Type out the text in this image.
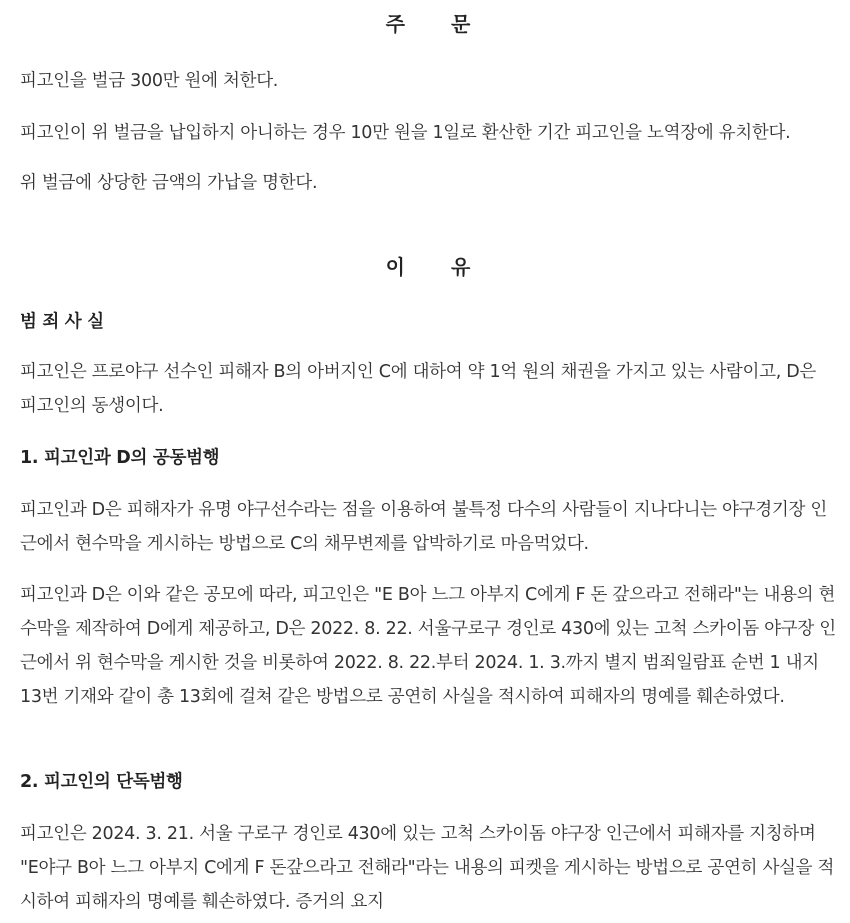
주문

피고인을 벌금 300만 원에 처한다.

피고인이 위 벌금을 납입하지 아니하는 경우 10만 원을 1일로 환산한 기간 피고인을 노역장에 유치한다.

위 벌금에 상당한 금액의 가납을 명한다.

이유
범 죄 사 실

피고인은 프로야구 선수인 피해자 B의 아버지인 C에 대하여 약 1억 원의 채권을 가지고 있는 사람이고, D은 피고인의 동생이다.

1. 피고인과 D의 공동범행

피고인과 D은 피해자가 유명 야구선수라는 점을 이용하여 불특정 다수의 사람들이 지나다니는 야구경기장 인근에서 현수막을 게시하는 방법으로 C의 채무변제를 압박하기로 마음먹었다.

피고인과 D은 이와 같은 공모에 따라, 피고인은 "E B아 느그 아부지 C에게 F 돈 갚으라고 전해라"는 내용의 현수막을 제작하여 D에게 제공하고, D은 2022. 8. 22. 서울구로구 경인로 430에 있는 고척 스카이돔 야구장 인근에서 위 현수막을 게시한 것을 비롯하여 2022. 8. 22.부터 2024. 1. 3.까지 별지 범죄일람표 순번 1 내지 13번 기재와 같이 총 13회에 걸쳐 같은 방법으로 공연히 사실을 적시하여 피해자의 명예를 훼손하였다.

2. 피고인의 단독범행

피고인은 2024. 3. 21. 서울 구로구 경인로 430에 있는 고척 스카이돔 야구장 인근에서 피해자를 지칭하며 "E야구 B아 느그 아부지 C에게 F 돈갚으라고 전해라"라는 내용의 피켓을 게시하는 방법으로 공연히 사실을 적시하여 피해자의 명예를 훼손하였다. 증거의 요지
